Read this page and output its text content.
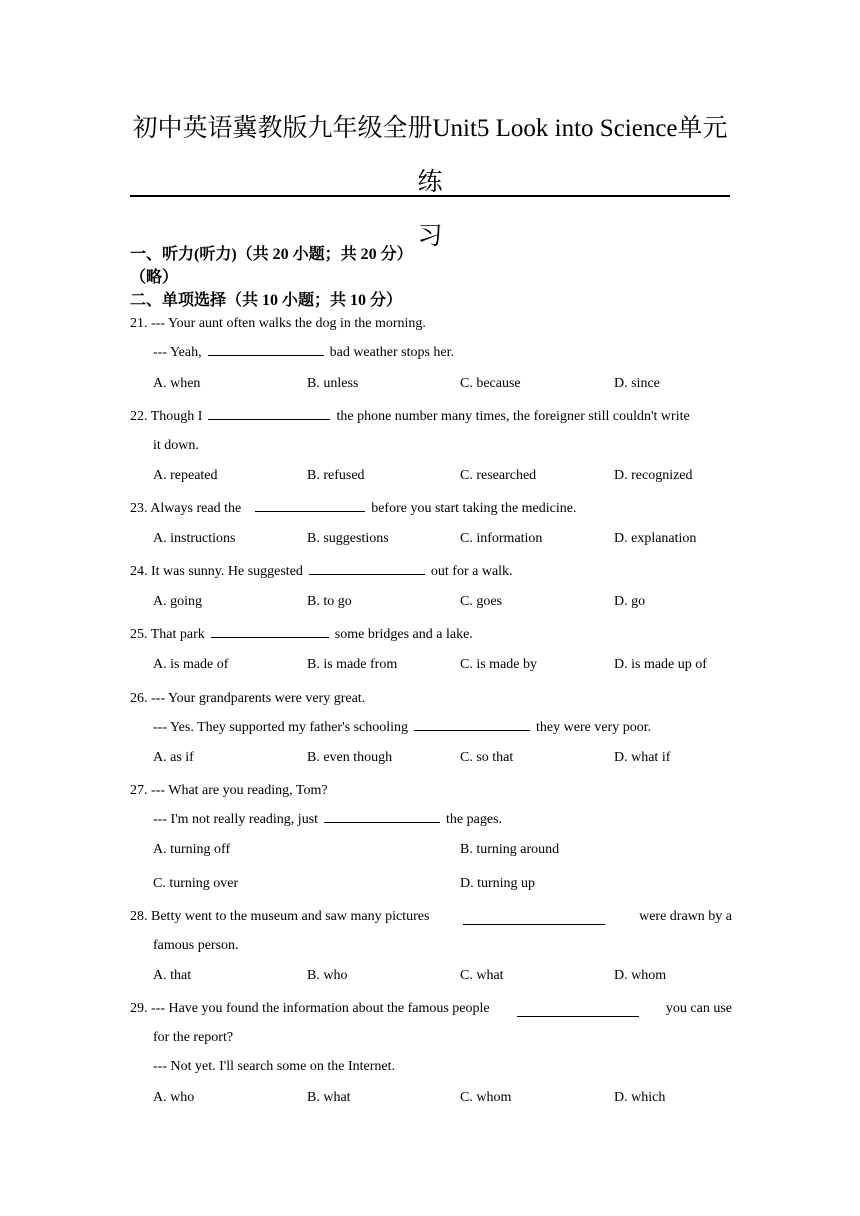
初中英语冀教版九年级全册Unit5 Look into Science单元练
习
一、听力(听力)（共 20 小题；共 20 分）
（略）
二、单项选择（共 10 小题；共 10 分）
21. --- Your aunt often walks the dog in the morning.
--- Yeah,	bad weather stops her.
A. when	B. unless	C. because	D. since
22. Though I	the phone number many times, the foreigner still couldn't write
it down.
A. repeated	B. refused	C. researched	D. recognized
23. Always read the	before you start taking the medicine.
A. instructions	B. suggestions	C. information	D. explanation
24. It was sunny. He suggested	out for a walk.
A. going	B. to go	C. goes	D. go
25. That park	some bridges and a lake.
A. is made of	B. is made from	C. is made by	D. is made up of
26. --- Your grandparents were very great.
--- Yes. They supported my father's schooling	they were very poor.
A. as if	B. even though	C. so that	D. what if
27. --- What are you reading, Tom?
--- I'm not really reading, just	the pages.
A. turning off	B. turning around
C. turning over	D. turning up
28. Betty went to the museum and saw many pictures	were drawn by a
famous person.
A. that	B. who	C. what	D. whom
29. --- Have you found the information about the famous people	you can use
for the report?
--- Not yet. I'll search some on the Internet.
A. who	B. what	C. whom	D. which
